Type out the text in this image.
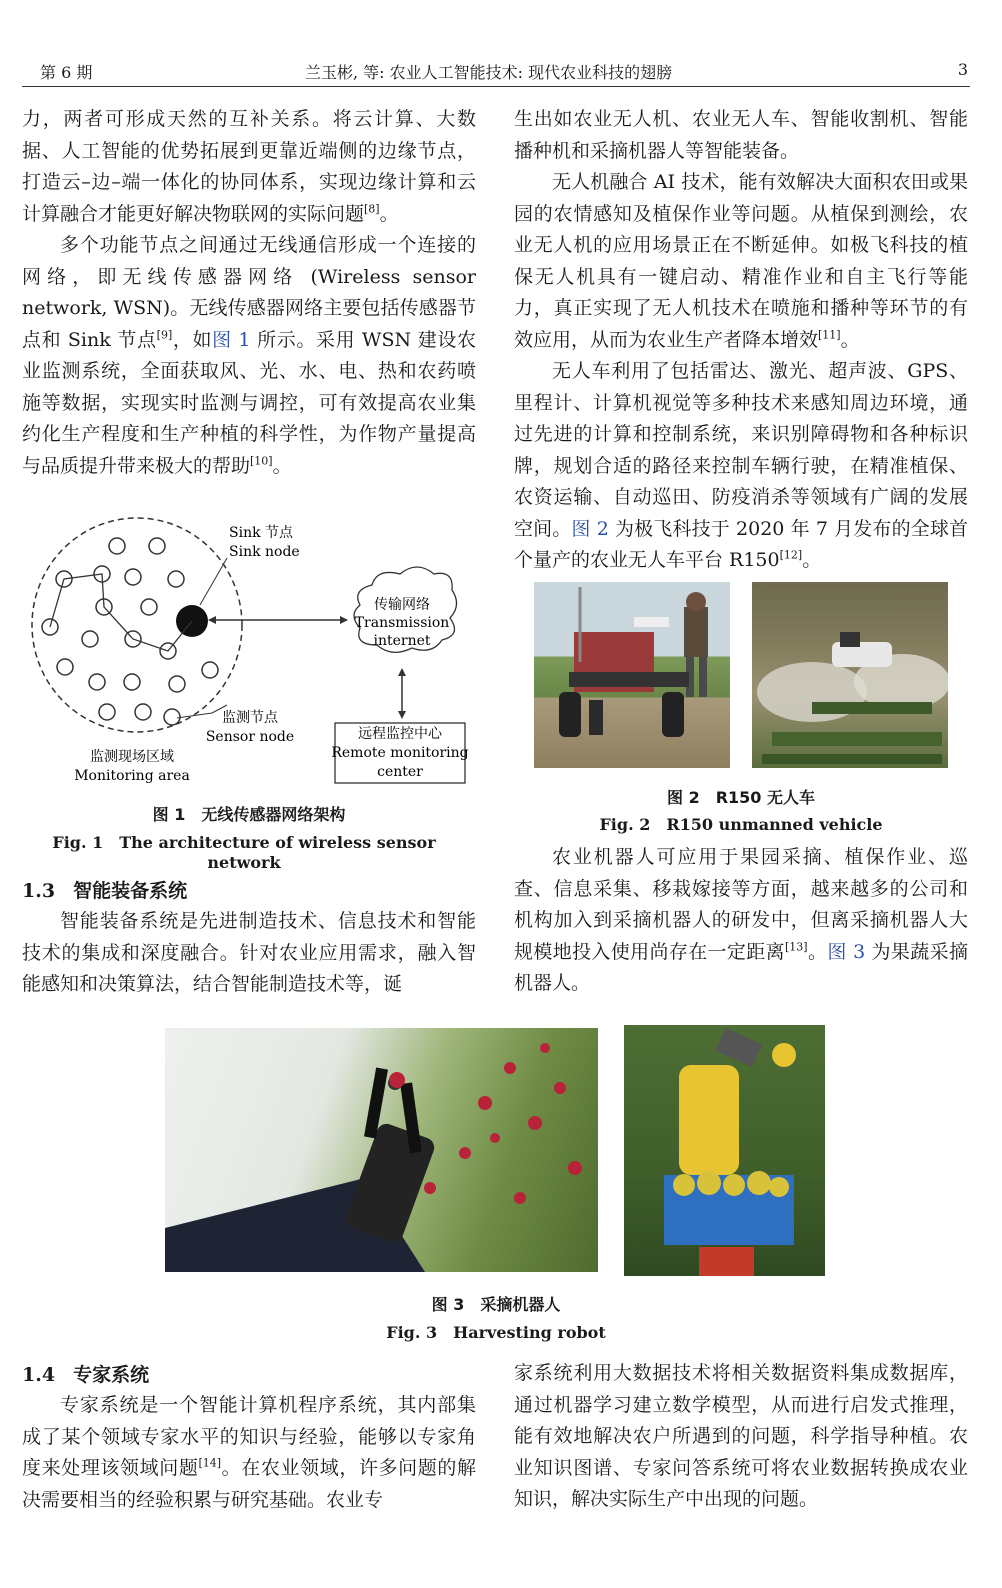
第 6 期	兰玉彬, 等: 农业人工智能技术: 现代农业科技的翅膀	3

力，两者可形成天然的互补关系。将云计算、大数据、人工智能的优势拓展到更靠近端侧的边缘节点，打造云–边–端一体化的协同体系，实现边缘计算和云计算融合才能更好解决物联网的实际问题[8]。

多个功能节点之间通过无线通信形成一个连接的网络，即无线传感器网络 (Wireless sensor network, WSN)。无线传感器网络主要包括传感器节点和 Sink 节点[9]，如图 1 所示。采用 WSN 建设农业监测系统，全面获取风、光、水、电、热和农药喷施等数据，实现实时监测与调控，可有效提高农业集约化生产程度和生产种植的科学性，为作物产量提高与品质提升带来极大的帮助[10]。

Sink 节点
Sink node
传输网络
Transmission
internet
远程监控中心
Remote monitoring
center
监测节点
Sensor node
监测现场区域
Monitoring area
图 1　无线传感器网络架构
Fig. 1　The architecture of wireless sensor network
1.3 智能装备系统

智能装备系统是先进制造技术、信息技术和智能技术的集成和深度融合。针对农业应用需求，融入智能感知和决策算法，结合智能制造技术等，诞

生出如农业无人机、农业无人车、智能收割机、智能播种机和采摘机器人等智能装备。

无人机融合 AI 技术，能有效解决大面积农田或果园的农情感知及植保作业等问题。从植保到测绘，农业无人机的应用场景正在不断延伸。如极飞科技的植保无人机具有一键启动、精准作业和自主飞行等能力，真正实现了无人机技术在喷施和播种等环节的有效应用，从而为农业生产者降本增效[11]。

无人车利用了包括雷达、激光、超声波、GPS、里程计、计算机视觉等多种技术来感知周边环境，通过先进的计算和控制系统，来识别障碍物和各种标识牌，规划合适的路径来控制车辆行驶，在精准植保、农资运输、自动巡田、防疫消杀等领域有广阔的发展空间。图 2 为极飞科技于 2020 年 7 月发布的全球首个量产的农业无人车平台 R150[12]。

图 2　R150 无人车
Fig. 2　R150 unmanned vehicle

农业机器人可应用于果园采摘、植保作业、巡查、信息采集、移栽嫁接等方面，越来越多的公司和机构加入到采摘机器人的研发中，但离采摘机器人大规模地投入使用尚存在一定距离[13]。图 3 为果蔬采摘机器人。

图 3　采摘机器人
Fig. 3　Harvesting robot
1.4 专家系统

专家系统是一个智能计算机程序系统，其内部集成了某个领域专家水平的知识与经验，能够以专家角度来处理该领域问题[14]。在农业领域，许多问题的解决需要相当的经验积累与研究基础。农业专

家系统利用大数据技术将相关数据资料集成数据库，通过机器学习建立数学模型，从而进行启发式推理，能有效地解决农户所遇到的问题，科学指导种植。农业知识图谱、专家问答系统可将农业数据转换成农业知识，解决实际生产中出现的问题。
